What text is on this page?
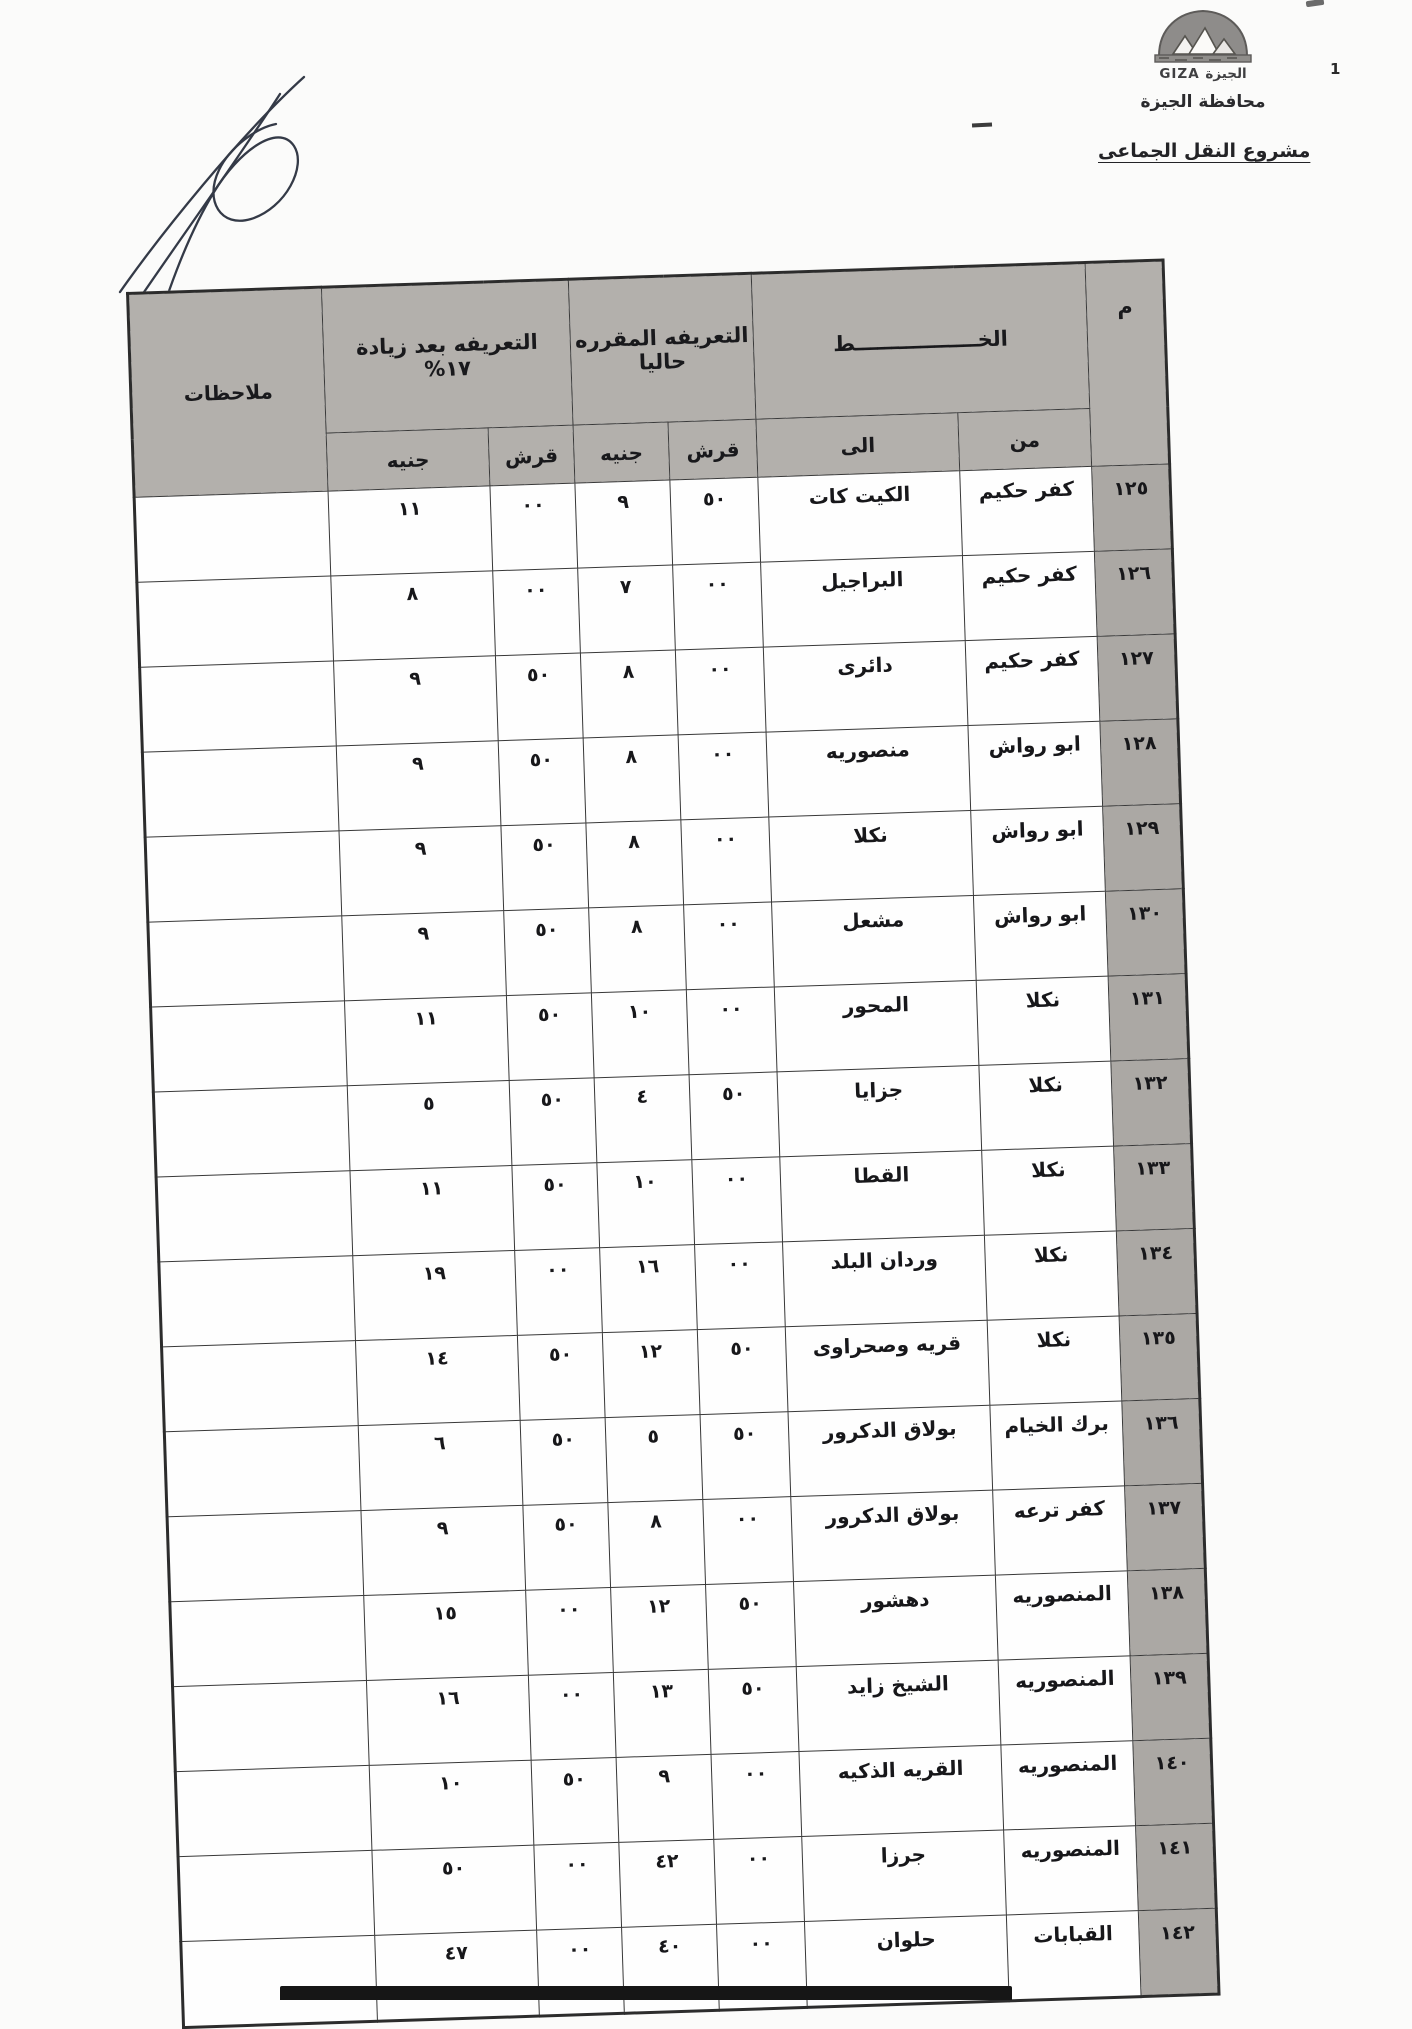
GIZA الجيزة
محافظة الجيزة
مشروع النقل الجماعى
1
م	الخـــــــــــــــــط		التعريفه المقرره
حاليا		التعريفه بعد زيادة
١٧%		ملاحظات
	من	الى	قرش	جنيه	قرش	جنيه	
١٢٥	كفر حكيم	الكيت كات	٥٠	٩	٠٠	١١	
١٢٦	كفر حكيم	البراجيل	٠٠	٧	٠٠	٨	
١٢٧	كفر حكيم	دائرى	٠٠	٨	٥٠	٩	
١٢٨	ابو رواش	منصوريه	٠٠	٨	٥٠	٩	
١٢٩	ابو رواش	نكلا	٠٠	٨	٥٠	٩	
١٣٠	ابو رواش	مشعل	٠٠	٨	٥٠	٩	
١٣١	نكلا	المحور	٠٠	١٠	٥٠	١١	
١٣٢	نكلا	جزايا	٥٠	٤	٥٠	٥	
١٣٣	نكلا	القطا	٠٠	١٠	٥٠	١١	
١٣٤	نكلا	وردان البلد	٠٠	١٦	٠٠	١٩	
١٣٥	نكلا	قريه وصحراوى	٥٠	١٢	٥٠	١٤	
١٣٦	برك الخيام	بولاق الدكرور	٥٠	٥	٥٠	٦	
١٣٧	كفر ترعه	بولاق الدكرور	٠٠	٨	٥٠	٩	
١٣٨	المنصوريه	دهشور	٥٠	١٢	٠٠	١٥	
١٣٩	المنصوريه	الشيخ زايد	٥٠	١٣	٠٠	١٦	
١٤٠	المنصوريه	القريه الذكيه	٠٠	٩	٥٠	١٠	
١٤١	المنصوريه	جرزا	٠٠	٤٢	٠٠	٥٠	
١٤٢	القبابات	حلوان	٠٠	٤٠	٠٠	٤٧	
